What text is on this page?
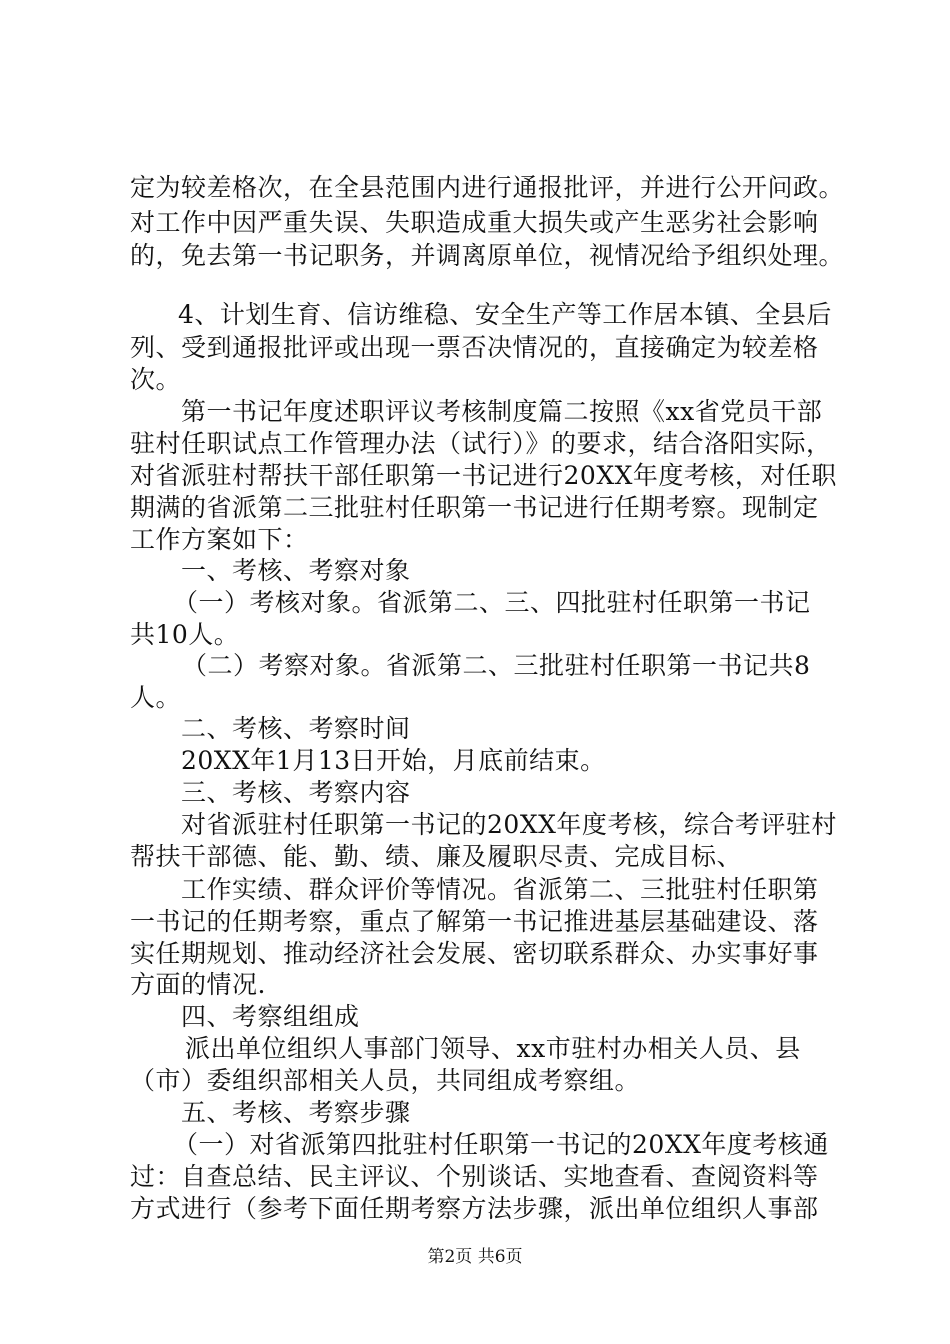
定为较差格次，在全县范围内进行通报批评，并进行公开问政。
对工作中因严重失误、失职造成重大损失或产生恶劣社会影响
的，免去第一书记职务，并调离原单位，视情况给予组织处理。
4、计划生育、信访维稳、安全生产等工作居本镇、全县后
列、受到通报批评或出现一票否决情况的，直接确定为较差格
次。
第一书记年度述职评议考核制度篇二按照《xx省党员干部
驻村任职试点工作管理办法（试行）》的要求，结合洛阳实际，
对省派驻村帮扶干部任职第一书记进行20XX年度考核，对任职
期满的省派第二三批驻村任职第一书记进行任期考察。现制定
工作方案如下：
一、考核、考察对象
（一）考核对象。省派第二、三、四批驻村任职第一书记
共10人。
（二）考察对象。省派第二、三批驻村任职第一书记共8
人。
二、考核、考察时间
20XX年1月13日开始，月底前结束。
三、考核、考察内容
对省派驻村任职第一书记的20XX年度考核，综合考评驻村
帮扶干部德、能、勤、绩、廉及履职尽责、完成目标、
工作实绩、群众评价等情况。省派第二、三批驻村任职第
一书记的任期考察，重点了解第一书记推进基层基础建设、落
实任期规划、推动经济社会发展、密切联系群众、办实事好事
方面的情况.
四、考察组组成
派出单位组织人事部门领导、xx市驻村办相关人员、县
（市）委组织部相关人员，共同组成考察组。
五、考核、考察步骤
（一）对省派第四批驻村任职第一书记的20XX年度考核通
过：自查总结、民主评议、个别谈话、实地查看、查阅资料等
方式进行（参考下面任期考察方法步骤，派出单位组织人事部
第2页 共6页
